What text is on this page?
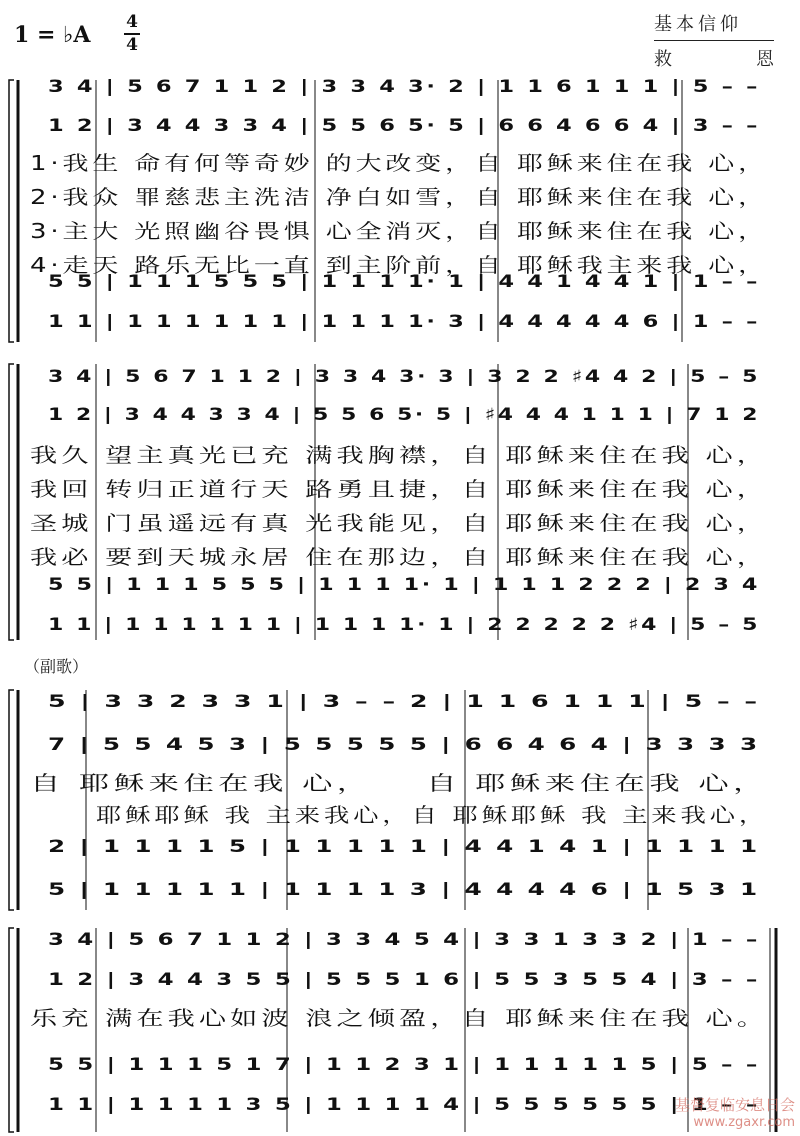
1 = ♭A 4
4
基本信仰
救	恩
（副歌）
3 4 | 5 6 7 1 1 2 | 3 3 4 3· 2 | 1 1 6 1 1 1 | 5 – –
1 2 | 3 4 4 3 3 4 | 5 5 6 5· 5 | 6 6 4 6 6 4 | 3 – –
1·我生 命有何等奇妙 的大改变，自 耶稣来住在我 心，
2·我众 罪慈悲主洗洁 净白如雪，自 耶稣来住在我 心，
3·主大 光照幽谷畏惧 心全消灭，自 耶稣来住在我 心，
4·走天 路乐无比一直 到主阶前，自 耶稣我主来我 心，
5 5 | 1 1 1 5 5 5 | 1 1 1 1· 1 | 4 4 1 4 4 1 | 1 – –
1 1 | 1 1 1 1 1 1 | 1 1 1 1· 3 | 4 4 4 4 4 6 | 1 – –
3 4 | 5 6 7 1 1 2 | 3 3 4 3· 3 | 3 2 2 ♯4 4 2 | 5 – 5
1 2 | 3 4 4 3 3 4 | 5 5 6 5· 5 | ♯4 4 4 1 1 1 | 7 1 2
我久 望主真光已充 满我胸襟，自 耶稣来住在我 心，
我回 转归正道行天 路勇且捷，自 耶稣来住在我 心，
圣城 门虽遥远有真 光我能见，自 耶稣来住在我 心，
我必 要到天城永居 住在那边，自 耶稣来住在我 心，
5 5 | 1 1 1 5 5 5 | 1 1 1 1· 1 | 1 1 1 2 2 2 | 2 3 4
1 1 | 1 1 1 1 1 1 | 1 1 1 1· 1 | 2 2 2 2 2 ♯4 | 5 – 5
5 | 3 3 2 3 3 1 | 3 – – 2 | 1 1 6 1 1 1 | 5 – –
7 | 5 5 4 5 3 | 5 5 5 5 5 | 6 6 4 6 4 | 3 3 3 3
自 耶稣来住在我 心，　　自 耶稣来住在我 心，
耶稣耶稣 我 主来我心，自 耶稣耶稣 我 主来我心，
2 | 1 1 1 1 5 | 1 1 1 1 1 | 4 4 1 4 1 | 1 1 1 1
5 | 1 1 1 1 1 | 1 1 1 1 3 | 4 4 4 4 6 | 1 5 3 1
3 4 | 5 6 7 1 1 2 | 3 3 4 5 4 | 3 3 1 3 3 2 | 1 – –
1 2 | 3 4 4 3 5 5 | 5 5 5 1 6 | 5 5 3 5 5 4 | 3 – –
乐充 满在我心如波 浪之倾盈，自 耶稣来住在我 心。
5 5 | 1 1 1 5 1 7 | 1 1 2 3 1 | 1 1 1 1 1 5 | 5 – –
1 1 | 1 1 1 1 3 5 | 1 1 1 1 4 | 5 5 5 5 5 5 | 1 – –
基督复临安息日会
www.zgaxr.com
